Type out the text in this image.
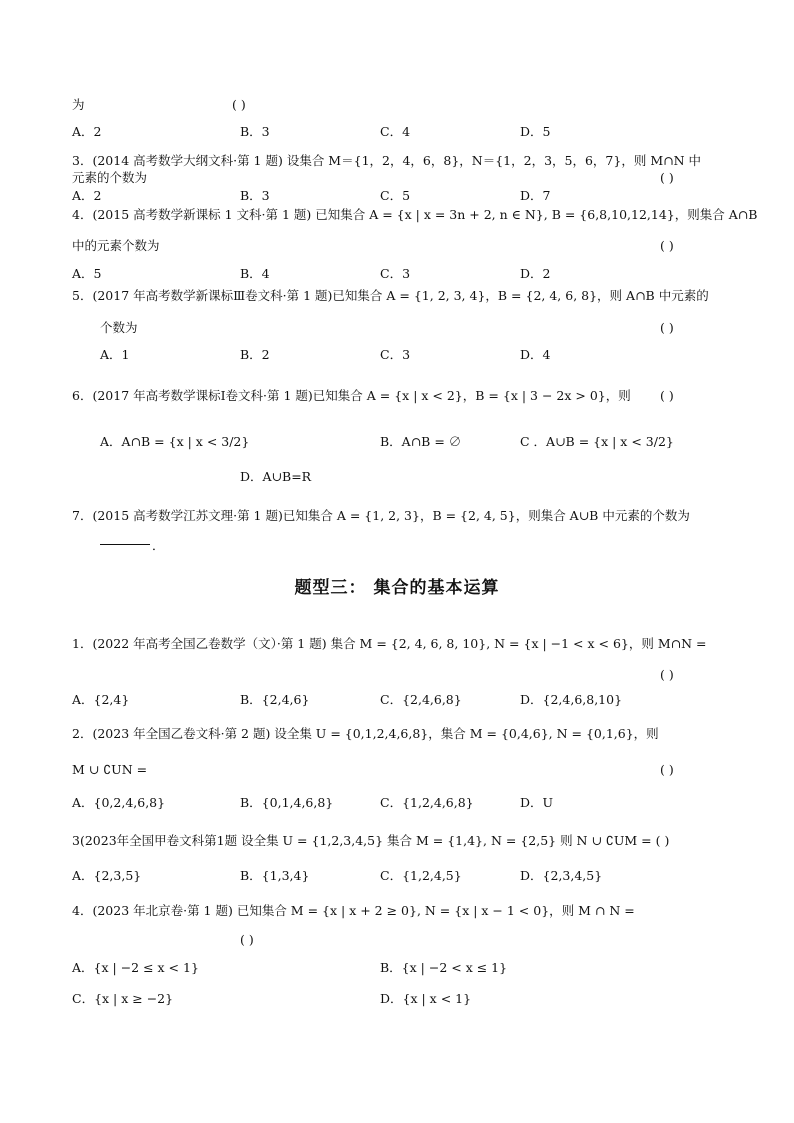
为	( )
A．2	B．3	C．4	D．5
3．(2014 高考数学大纲文科·第 1 题) 设集合 M＝{1，2，4，6，8}，N＝{1，2，3，5，6，7}，则 M∩N 中
元素的个数为	( )
A．2	B．3	C．5	D．7
4．(2015 高考数学新课标 1 文科·第 1 题) 已知集合 A = {x | x = 3n + 2, n ∈ N}, B = {6,8,10,12,14}，则集合 A∩B
中的元素个数为	( )
A．5	B．4	C．3	D．2
5．(2017 年高考数学新课标Ⅲ卷文科·第 1 题)已知集合 A = {1, 2, 3, 4}，B = {2, 4, 6, 8}，则 A∩B 中元素的
个数为	( )
A．1	B．2	C．3	D．4
6．(2017 年高考数学课标Ⅰ卷文科·第 1 题)已知集合 A = {x | x < 2}，B = {x | 3 − 2x > 0}，则 ( )
A．A∩B = {x | x < 3/2}	B．A∩B = ∅	C ．A∪B = {x | x < 3/2}
D．A∪B=R
7．(2015 高考数学江苏文理·第 1 题)已知集合 A = {1, 2, 3}，B = {2, 4, 5}，则集合 A∪B 中元素的个数为
．
题型三： 集合的基本运算
1．(2022 年高考全国乙卷数学（文）·第 1 题) 集合 M = {2, 4, 6, 8, 10}, N = {x | −1 < x < 6}，则 M∩N =
( )
A．{2,4}	B．{2,4,6}	C．{2,4,6,8}	D．{2,4,6,8,10}
2．(2023 年全国乙卷文科·第 2 题) 设全集 U = {0,1,2,4,6,8}，集合 M = {0,4,6}, N = {0,1,6}，则
M ∪ ∁UN =	( )
A．{0,2,4,6,8}	B．{0,1,4,6,8}	C．{1,2,4,6,8}	D．U
3(2023年全国甲卷文科第1题 设全集 U = {1,2,3,4,5} 集合 M = {1,4}, N = {2,5} 则 N ∪ ∁UM = ( )
A．{2,3,5}	B．{1,3,4}	C．{1,2,4,5}	D．{2,3,4,5}
4．(2023 年北京卷·第 1 题) 已知集合 M = {x | x + 2 ≥ 0}, N = {x | x − 1 < 0}，则 M ∩ N =
( )
A．{x | −2 ≤ x < 1}	B．{x | −2 < x ≤ 1}
C．{x | x ≥ −2}	D．{x | x < 1}
